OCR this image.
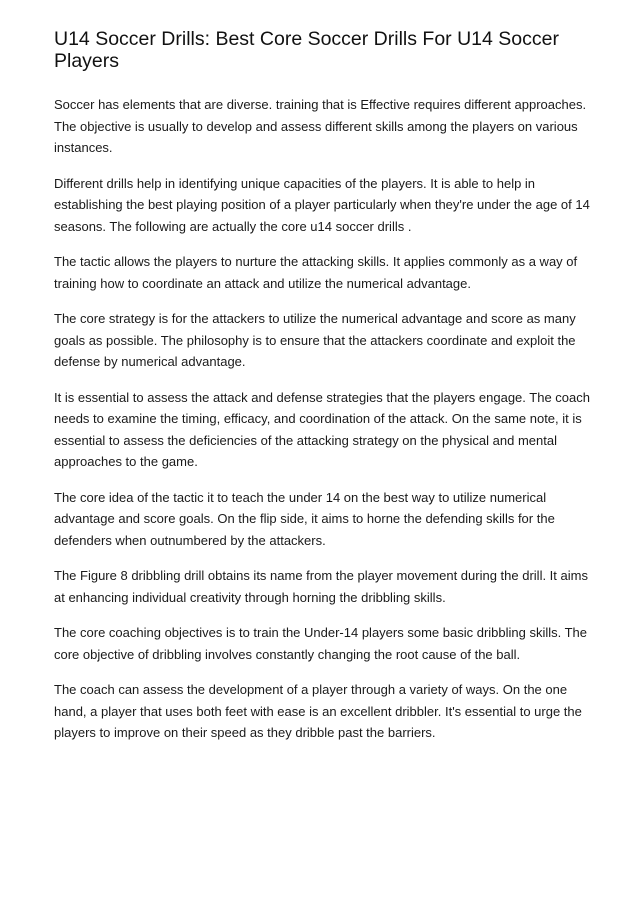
U14 Soccer Drills: Best Core Soccer Drills For U14 Soccer Players

Soccer has elements that are diverse. training that is Effective requires different approaches. The objective is usually to develop and assess different skills among the players on various instances.

Different drills help in identifying unique capacities of the players. It is able to help in establishing the best playing position of a player particularly when they're under the age of 14 seasons. The following are actually the core u14 soccer drills .

The tactic allows the players to nurture the attacking skills. It applies commonly as a way of training how to coordinate an attack and utilize the numerical advantage.

The core strategy is for the attackers to utilize the numerical advantage and score as many goals as possible. The philosophy is to ensure that the attackers coordinate and exploit the defense by numerical advantage.

It is essential to assess the attack and defense strategies that the players engage. The coach needs to examine the timing, efficacy, and coordination of the attack. On the same note, it is essential to assess the deficiencies of the attacking strategy on the physical and mental approaches to the game.

The core idea of the tactic it to teach the under 14 on the best way to utilize numerical advantage and score goals. On the flip side, it aims to horne the defending skills for the defenders when outnumbered by the attackers.

The Figure 8 dribbling drill obtains its name from the player movement during the drill. It aims at enhancing individual creativity through horning the dribbling skills.

The core coaching objectives is to train the Under-14 players some basic dribbling skills. The core objective of dribbling involves constantly changing the root cause of the ball.

The coach can assess the development of a player through a variety of ways. On the one hand, a player that uses both feet with ease is an excellent dribbler. It's essential to urge the players to improve on their speed as they dribble past the barriers.
